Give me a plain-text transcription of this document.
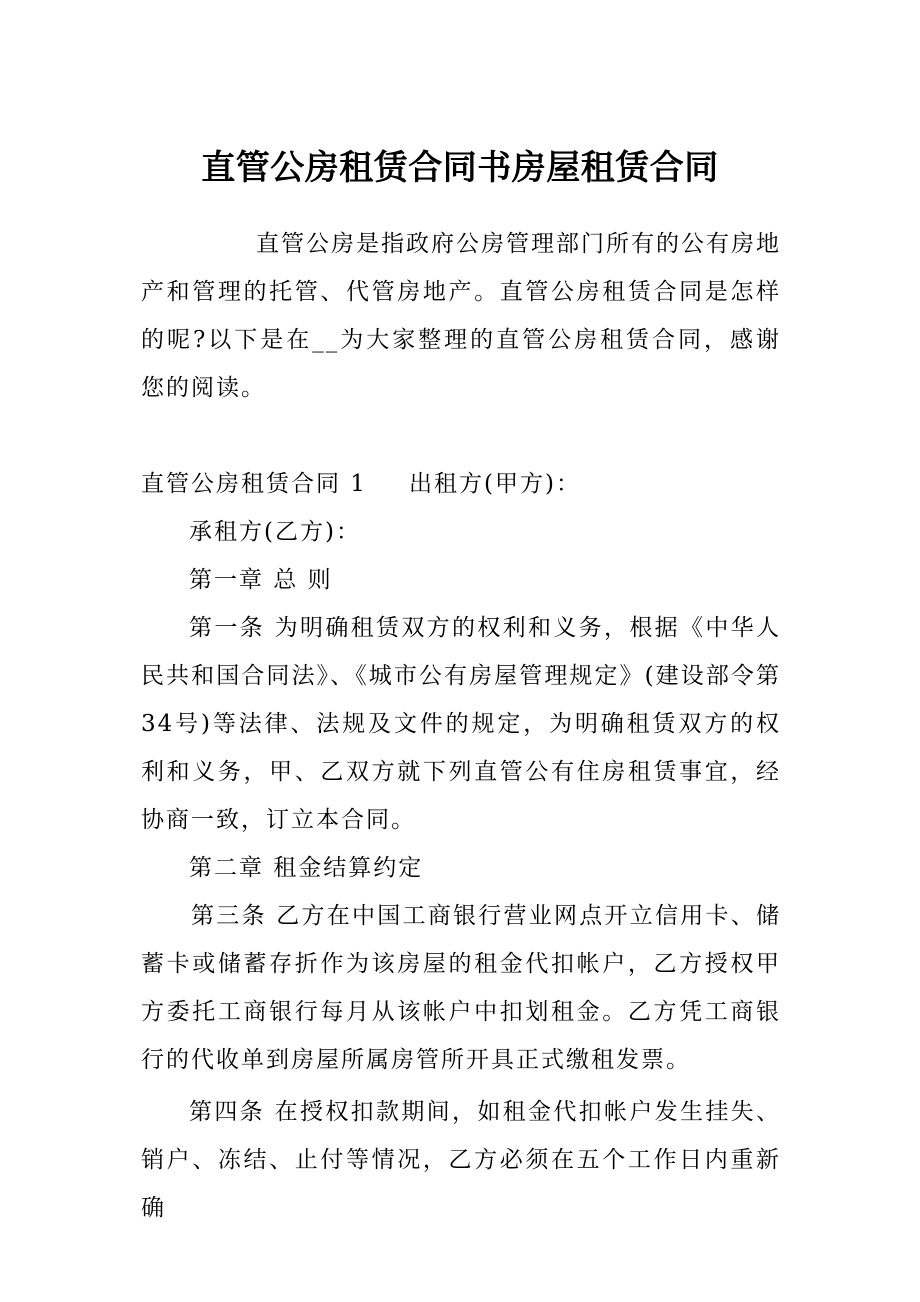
直管公房租赁合同书房屋租赁合同

直管公房是指政府公房管理部门所有的公有房地产和管理的托管、代管房地产。直管公房租赁合同是怎样的呢?以下是在__为大家整理的直管公房租赁合同，感谢您的阅读。

直管公房租赁合同 1 出租方(甲方)：

承租方(乙方)：

第一章 总 则

第一条 为明确租赁双方的权利和义务，根据《中华人民共和国合同法》、《城市公有房屋管理规定》(建设部令第34号)等法律、法规及文件的规定，为明确租赁双方的权利和义务，甲、乙双方就下列直管公有住房租赁事宜，经协商一致，订立本合同。

第二章 租金结算约定

第三条 乙方在中国工商银行营业网点开立信用卡、储蓄卡或储蓄存折作为该房屋的租金代扣帐户，乙方授权甲方委托工商银行每月从该帐户中扣划租金。乙方凭工商银行的代收单到房屋所属房管所开具正式缴租发票。

第四条 在授权扣款期间，如租金代扣帐户发生挂失、销户、冻结、止付等情况，乙方必须在五个工作日内重新确
